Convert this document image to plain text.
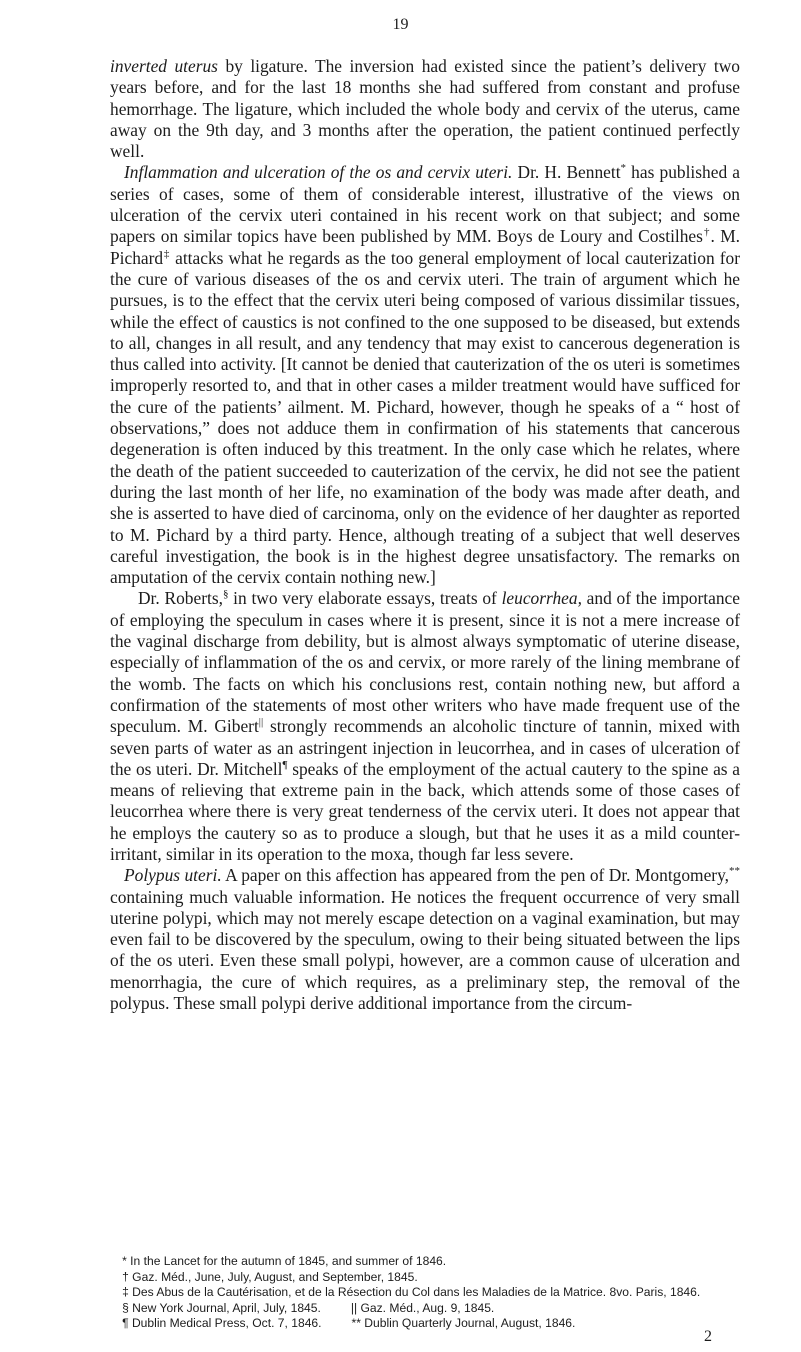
19

inverted uterus by ligature. The inversion had existed since the patient’s delivery two years before, and for the last 18 months she had suffered from constant and profuse hemorrhage. The ligature, which included the whole body and cervix of the uterus, came away on the 9th day, and 3 months after the operation, the patient continued perfectly well.

Inflammation and ulceration of the os and cervix uteri. Dr. H. Bennett* has published a series of cases, some of them of considerable interest, illustrative of the views on ulceration of the cervix uteri contained in his recent work on that subject; and some papers on similar topics have been published by MM. Boys de Loury and Costilhes†. M. Pichard‡ attacks what he regards as the too general employment of local cauterization for the cure of various diseases of the os and cervix uteri. The train of argument which he pursues, is to the effect that the cervix uteri being composed of various dissimilar tissues, while the effect of caustics is not confined to the one supposed to be diseased, but extends to all, changes in all result, and any tendency that may exist to cancerous degeneration is thus called into activity. [It cannot be denied that cauterization of the os uteri is sometimes improperly resorted to, and that in other cases a milder treatment would have sufficed for the cure of the patients’ ailment. M. Pichard, however, though he speaks of a “ host of observations,” does not adduce them in confirmation of his statements that cancerous degeneration is often induced by this treatment. In the only case which he relates, where the death of the patient succeeded to cauterization of the cervix, he did not see the patient during the last month of her life, no examination of the body was made after death, and she is asserted to have died of carcinoma, only on the evidence of her daughter as reported to M. Pichard by a third party. Hence, although treating of a subject that well deserves careful investigation, the book is in the highest degree unsatisfactory. The remarks on amputation of the cervix contain nothing new.]

Dr. Roberts,§ in two very elaborate essays, treats of leucorrhea, and of the importance of employing the speculum in cases where it is present, since it is not a mere increase of the vaginal discharge from debility, but is almost always symptomatic of uterine disease, especially of inflammation of the os and cervix, or more rarely of the lining membrane of the womb. The facts on which his conclusions rest, contain nothing new, but afford a confirmation of the statements of most other writers who have made frequent use of the speculum. M. Gibert|| strongly recommends an alcoholic tincture of tannin, mixed with seven parts of water as an astringent injection in leucorrhea, and in cases of ulceration of the os uteri. Dr. Mitchell¶ speaks of the employment of the actual cautery to the spine as a means of relieving that extreme pain in the back, which attends some of those cases of leucorrhea where there is very great tenderness of the cervix uteri. It does not appear that he employs the cautery so as to produce a slough, but that he uses it as a mild counter-irritant, similar in its operation to the moxa, though far less severe.

Polypus uteri. A paper on this affection has appeared from the pen of Dr. Montgomery,** containing much valuable information. He notices the frequent occurrence of very small uterine polypi, which may not merely escape detection on a vaginal examination, but may even fail to be discovered by the speculum, owing to their being situated between the lips of the os uteri. Even these small polypi, however, are a common cause of ulceration and menorrhagia, the cure of which requires, as a preliminary step, the removal of the polypus. These small polypi derive additional importance from the circum-

 * In the Lancet for the autumn of 1845, and summer of 1846.

 † Gaz. Méd., June, July, August, and September, 1845.

 ‡ Des Abus de la Cautérisation, et de la Résection du Col dans les Maladies de la Matrice. 8vo. Paris, 1846.

 § New York Journal, April, July, 1845. || Gaz. Méd., Aug. 9, 1845.

 ¶ Dublin Medical Press, Oct. 7, 1846. ** Dublin Quarterly Journal, August, 1846.

2
